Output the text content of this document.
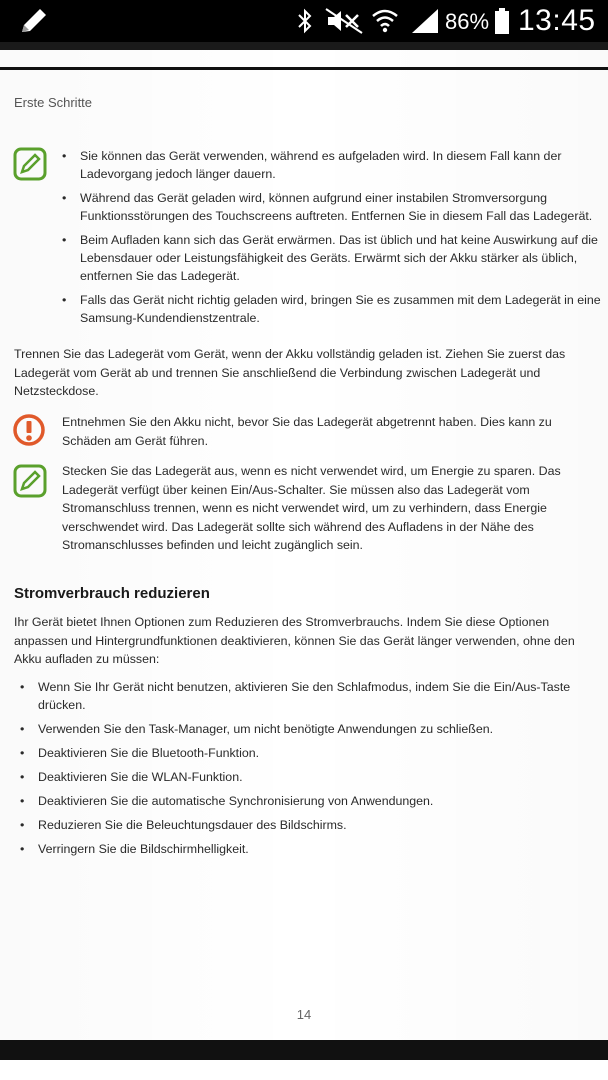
86% 13:45
Erste Schritte
• Sie können das Gerät verwenden, während es aufgeladen wird. In diesem Fall kann der Ladevorgang jedoch länger dauern.
• Während das Gerät geladen wird, können aufgrund einer instabilen Stromversorgung Funktionsstörungen des Touchscreens auftreten. Entfernen Sie in diesem Fall das Ladegerät.
• Beim Aufladen kann sich das Gerät erwärmen. Das ist üblich und hat keine Auswirkung auf die Lebensdauer oder Leistungsfähigkeit des Geräts. Erwärmt sich der Akku stärker als üblich, entfernen Sie das Ladegerät.
• Falls das Gerät nicht richtig geladen wird, bringen Sie es zusammen mit dem Ladegerät in eine Samsung-Kundendienstzentrale.
Trennen Sie das Ladegerät vom Gerät, wenn der Akku vollständig geladen ist. Ziehen Sie zuerst das Ladegerät vom Gerät ab und trennen Sie anschließend die Verbindung zwischen Ladegerät und Netzsteckdose.
Entnehmen Sie den Akku nicht, bevor Sie das Ladegerät abgetrennt haben. Dies kann zu Schäden am Gerät führen.
Stecken Sie das Ladegerät aus, wenn es nicht verwendet wird, um Energie zu sparen. Das Ladegerät verfügt über keinen Ein/Aus-Schalter. Sie müssen also das Ladegerät vom Stromanschluss trennen, wenn es nicht verwendet wird, um zu verhindern, dass Energie verschwendet wird. Das Ladegerät sollte sich während des Aufladens in der Nähe des Stromanschlusses befinden und leicht zugänglich sein.
Stromverbrauch reduzieren
Ihr Gerät bietet Ihnen Optionen zum Reduzieren des Stromverbrauchs. Indem Sie diese Optionen anpassen und Hintergrundfunktionen deaktivieren, können Sie das Gerät länger verwenden, ohne den Akku aufladen zu müssen:
• Wenn Sie Ihr Gerät nicht benutzen, aktivieren Sie den Schlafmodus, indem Sie die Ein/Aus-Taste drücken.
• Verwenden Sie den Task-Manager, um nicht benötigte Anwendungen zu schließen.
• Deaktivieren Sie die Bluetooth-Funktion.
• Deaktivieren Sie die WLAN-Funktion.
• Deaktivieren Sie die automatische Synchronisierung von Anwendungen.
• Reduzieren Sie die Beleuchtungsdauer des Bildschirms.
• Verringern Sie die Bildschirmhelligkeit.
14
